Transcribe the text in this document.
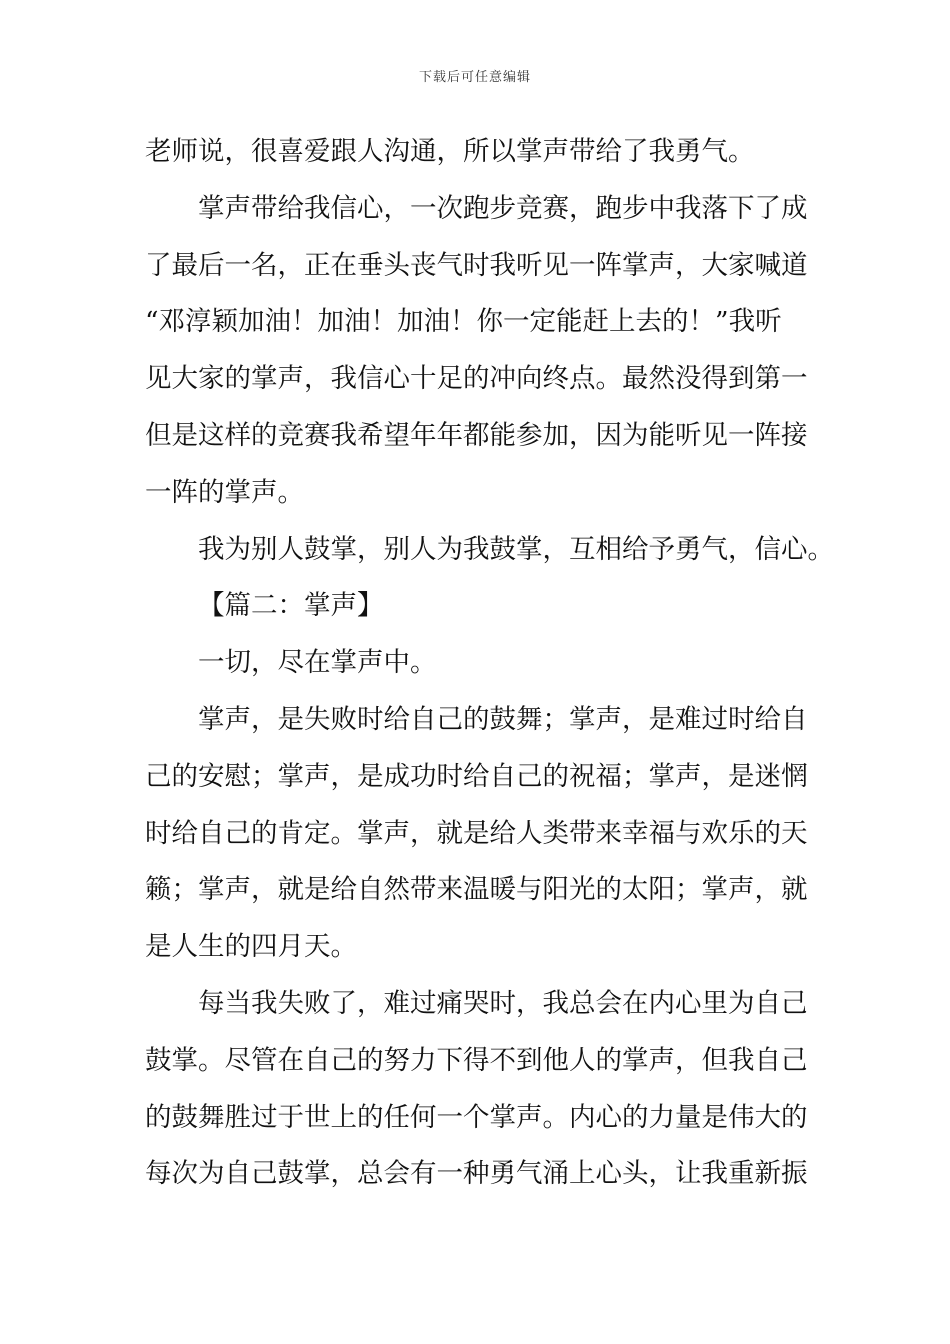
下载后可任意编辑
老师说，很喜爱跟人沟通，所以掌声带给了我勇气。
掌声带给我信心，一次跑步竞赛，跑步中我落下了成
了最后一名，正在垂头丧气时我听见一阵掌声，大家喊道
“邓淳颖加油！加油！加油！你一定能赶上去的！”我听
见大家的掌声，我信心十足的冲向终点。最然没得到第一
但是这样的竞赛我希望年年都能参加，因为能听见一阵接
一阵的掌声。
我为别人鼓掌，别人为我鼓掌，互相给予勇气，信心。
【篇二：掌声】
一切，尽在掌声中。
掌声，是失败时给自己的鼓舞；掌声，是难过时给自
己的安慰；掌声，是成功时给自己的祝福；掌声，是迷惘
时给自己的肯定。掌声，就是给人类带来幸福与欢乐的天
籁；掌声，就是给自然带来温暖与阳光的太阳；掌声，就
是人生的四月天。
每当我失败了，难过痛哭时，我总会在内心里为自己
鼓掌。尽管在自己的努力下得不到他人的掌声，但我自己
的鼓舞胜过于世上的任何一个掌声。内心的力量是伟大的
每次为自己鼓掌，总会有一种勇气涌上心头，让我重新振
